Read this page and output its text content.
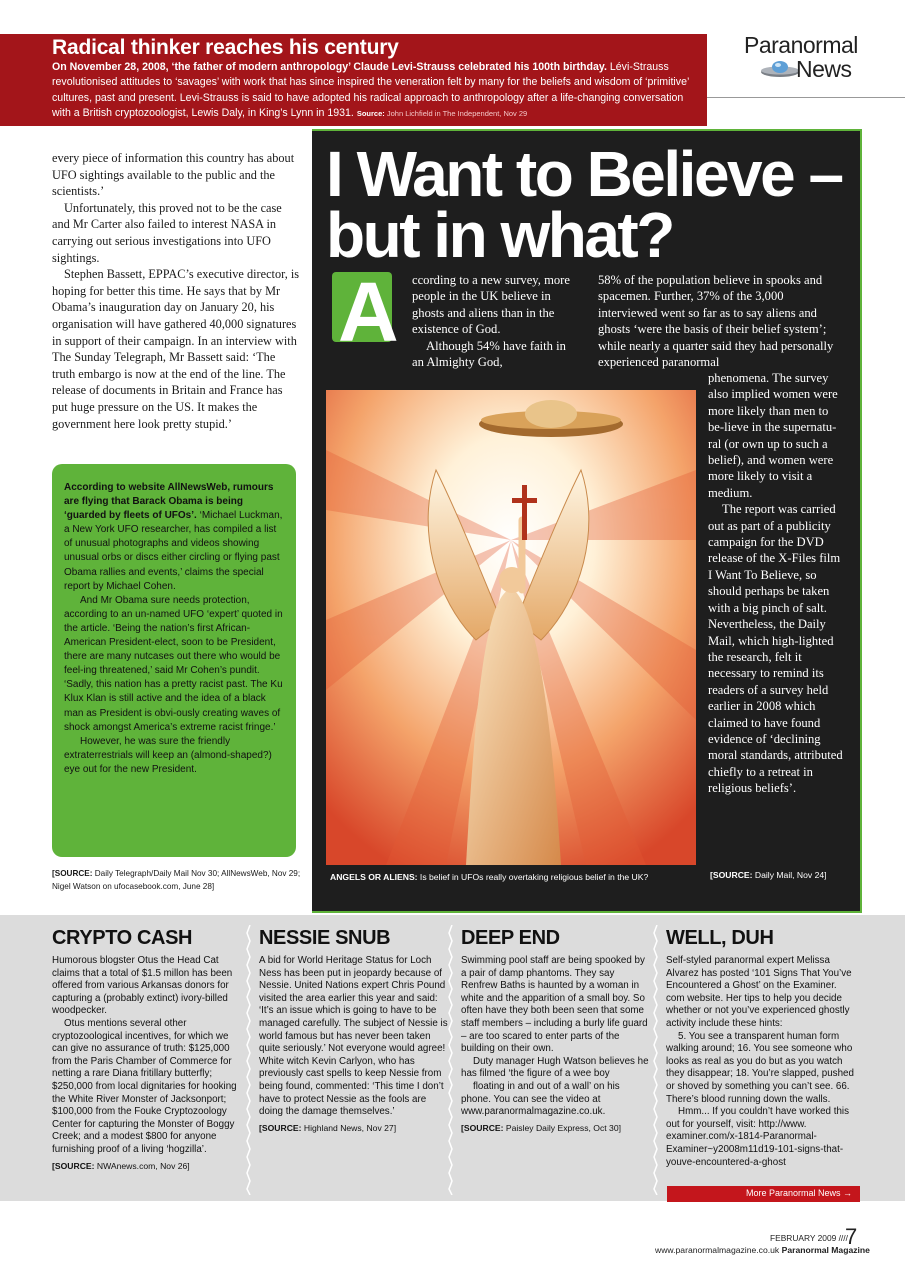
Radical thinker reaches his century

On November 28, 2008, ‘the father of modern anthropology’ Claude Levi-Strauss celebrated his 100th birthday. Lévi-Strauss revolutionised attitudes to ‘savages’ with work that has since inspired the veneration felt by many for the beliefs and wisdom of ‘primitive’ cultures, past and present. Levi-Strauss is said to have adopted his radical approach to anthropology after a life-changing conversation with a British cryptozoologist, Lewis Daly, in King’s Lynn in 1931. Source: John Lichfield in The Independent, Nov 29

Paranormal
News

every piece of information this country has about UFO sightings available to the public and the scientists.’

Unfortunately, this proved not to be the case and Mr Carter also failed to interest NASA in carrying out serious investigations into UFO sightings.

Stephen Bassett, EPPAC’s executive director, is hoping for better this time. He says that by Mr Obama’s inauguration day on January 20, his organisation will have gathered 40,000 signatures in support of their campaign. In an interview with The Sunday Telegraph, Mr Bassett said: ‘The truth embargo is now at the end of the line. The release of documents in Britain and France has put huge pressure on the US. It makes the government here look pretty stupid.’

According to website AllNewsWeb, rumours are flying that Barack Obama is being ‘guarded by fleets of UFOs’. ‘Michael Luckman, a New York UFO researcher, has compiled a list of unusual photographs and videos showing unusual orbs or discs either circling or flying past Obama rallies and events,’ claims the special report by Michael Cohen.

And Mr Obama sure needs protection, according to an un-named UFO ‘expert’ quoted in the article. ‘Being the nation’s first African-American President-elect, soon to be President, there are many nutcases out there who would be feel-ing threatened,’ said Mr Cohen’s pundit. ‘Sadly, this nation has a pretty racist past. The Ku Klux Klan is still active and the idea of a black man as President is obvi-ously creating waves of shock amongst America’s extreme racist fringe.’

However, he was sure the friendly extraterrestrials will keep an (almond-shaped?) eye out for the new President.

[SOURCE: Daily Telegraph/Daily Mail Nov 30; AllNewsWeb, Nov 29; Nigel Watson on ufocasebook.com, June 28]
I Want to Believe –
but in what?
A ccording to a new survey, more people in the UK believe in ghosts and aliens than in the existence of God.

Although 54% have faith in an Almighty God,

58% of the population believe in spooks and spacemen. Further, 37% of the 3,000 interviewed went so far as to say aliens and ghosts ‘were the basis of their belief system’; while nearly a quarter said they had personally experienced paranormal

phenomena. The survey also implied women were more likely than men to be-lieve in the supernatu-ral (or own up to such a belief), and women were more likely to visit a medium.

The report was carried out as part of a publicity campaign for the DVD release of the X-Files film I Want To Believe, so should perhaps be taken with a big pinch of salt. Nevertheless, the Daily Mail, which high-lighted the research, felt it necessary to remind its readers of a survey held earlier in 2008 which claimed to have found evidence of ‘declining moral standards, attributed chiefly to a retreat in religious beliefs’.

ANGELS OR ALIENS: Is belief in UFOs really overtaking religious belief in the UK?	[SOURCE: Daily Mail, Nov 24]
CRYPTO CASH

Humorous blogster Otus the Head Cat claims that a total of $1.5 millon has been offered from various Arkansas donors for capturing a (probably extinct) ivory-billed woodpecker.

Otus mentions several other cryptozoological incentives, for which we can give no assurance of truth: $125,000 from the Paris Chamber of Commerce for netting a rare Diana fritillary butterfly; $250,000 from local dignitaries for hooking the White River Monster of Jacksonport; $100,000 from the Fouke Cryptozoology Center for capturing the Monster of Boggy Creek; and a modest $800 for anyone furnishing proof of a living ‘hogzilla’.

[SOURCE: NWAnews.com, Nov 26]

NESSIE SNUB

A bid for World Heritage Status for Loch Ness has been put in jeopardy because of Nessie. United Nations expert Chris Pound visited the area earlier this year and said: ‘It’s an issue which is going to have to be managed carefully. The subject of Nessie is world famous but has never been taken quite seriously.’ Not everyone would agree! White witch Kevin Carlyon, who has previously cast spells to keep Nessie from being found, commented: ‘This time I don’t have to protect Nessie as the fools are doing the damage themselves.’

[SOURCE: Highland News, Nov 27]

DEEP END

Swimming pool staff are being spooked by a pair of damp phantoms. They say Renfrew Baths is haunted by a woman in white and the apparition of a small boy. So often have they both been seen that some staff members – including a burly life guard – are too scared to enter parts of the building on their own.

Duty manager Hugh Watson believes he has filmed ‘the figure of a wee boy

floating in and out of a wall’ on his phone. You can see the video at www.paranormalmagazine.co.uk.

[SOURCE: Paisley Daily Express, Oct 30]

WELL, DUH

Self-styled paranormal expert Melissa Alvarez has posted ‘101 Signs That You’ve Encountered a Ghost’ on the Examiner. com website. Her tips to help you decide whether or not you’ve experienced ghostly activity include these hints:

5. You see a transparent human form walking around; 16. You see someone who looks as real as you do but as you watch they disappear; 18. You’re slapped, pushed or shoved by something you can’t see. 66. There’s blood running down the walls.

Hmm... If you couldn’t have worked this out for yourself, visit: http://www. examiner.com/x-1814-Paranormal-Examiner~y2008m11d19-101-signs-that-youve-encountered-a-ghost

More Paranormal News →
FEBRUARY 2009 ////
7
www.paranormalmagazine.co.uk Paranormal Magazine
